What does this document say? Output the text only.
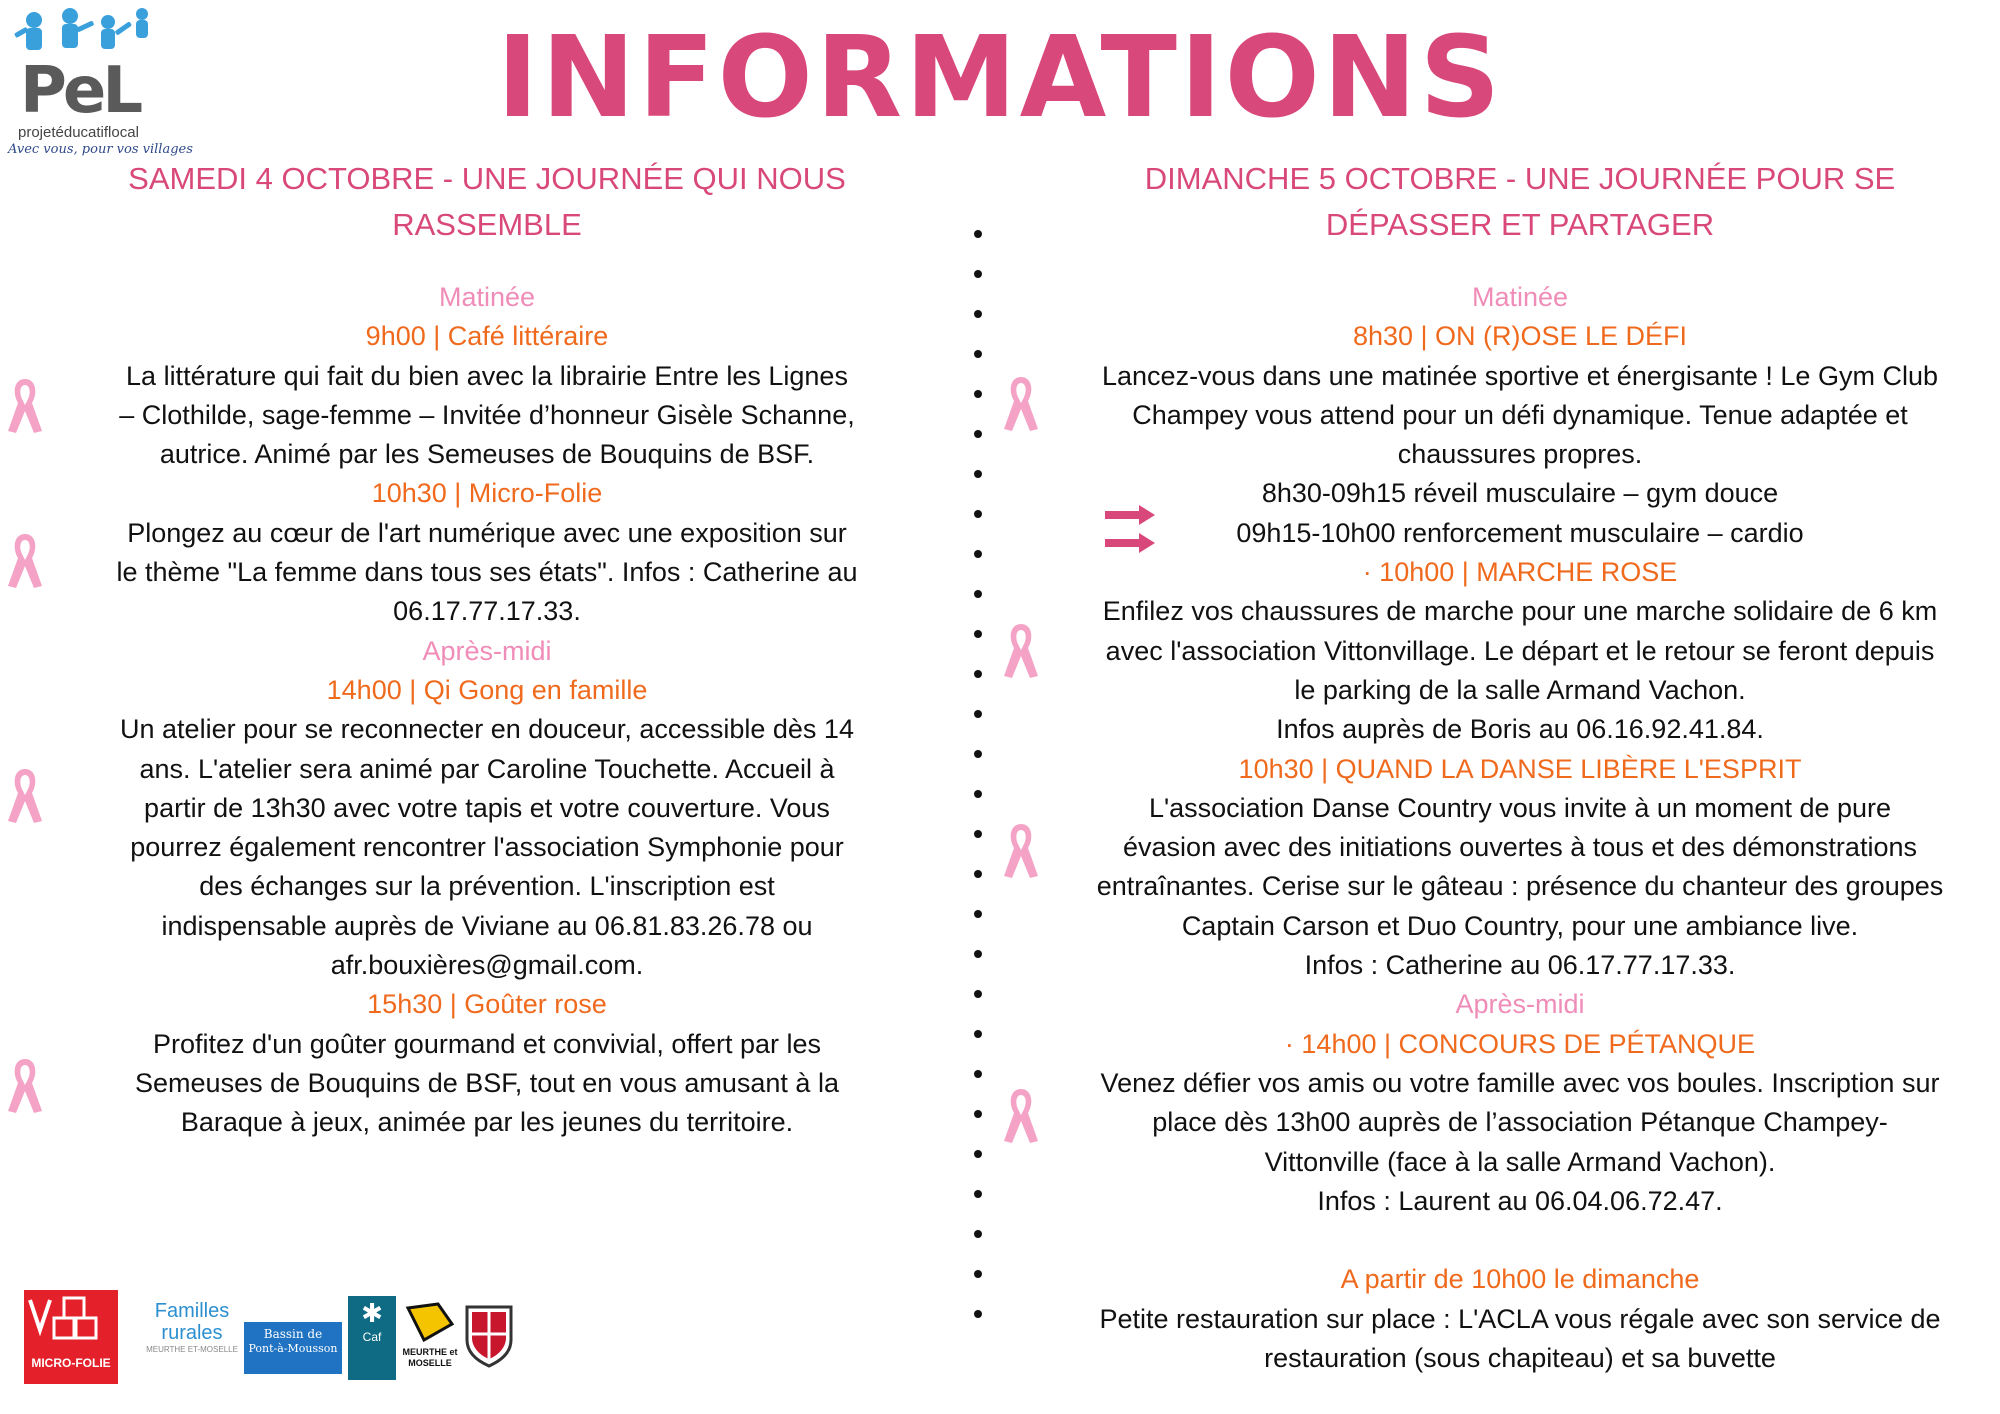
PeL
projetéducatiflocal
Avec vous, pour vos villages
INFORMATIONS
SAMEDI 4 OCTOBRE - UNE JOURNÉE QUI NOUS
RASSEMBLE

Matinée

9h00 | Café littéraire

La littérature qui fait du bien avec la librairie Entre les Lignes

– Clothilde, sage-femme – Invitée d’honneur Gisèle Schanne,

autrice. Animé par les Semeuses de Bouquins de BSF.

10h30 | Micro-Folie

Plongez au cœur de l'art numérique avec une exposition sur

le thème "La femme dans tous ses états". Infos : Catherine au

06.17.77.17.33.

Après-midi

14h00 | Qi Gong en famille

Un atelier pour se reconnecter en douceur, accessible dès 14

ans. L'atelier sera animé par Caroline Touchette. Accueil à

partir de 13h30 avec votre tapis et votre couverture. Vous

pourrez également rencontrer l'association Symphonie pour

des échanges sur la prévention. L'inscription est

indispensable auprès de Viviane au 06.81.83.26.78 ou

afr.bouxières@gmail.com.

15h30 | Goûter rose

Profitez d'un goûter gourmand et convivial, offert par les

Semeuses de Bouquins de BSF, tout en vous amusant à la

Baraque à jeux, animée par les jeunes du territoire.

DIMANCHE 5 OCTOBRE - UNE JOURNÉE POUR SE
DÉPASSER ET PARTAGER

Matinée

8h30 | ON (R)OSE LE DÉFI

Lancez-vous dans une matinée sportive et énergisante ! Le Gym Club

Champey vous attend pour un défi dynamique. Tenue adaptée et

chaussures propres.

8h30-09h15 réveil musculaire – gym douce

09h15-10h00 renforcement musculaire – cardio

· 10h00 | MARCHE ROSE

Enfilez vos chaussures de marche pour une marche solidaire de 6 km

avec l'association Vittonvillage. Le départ et le retour se feront depuis

le parking de la salle Armand Vachon.

Infos auprès de Boris au 06.16.92.41.84.

10h30 | QUAND LA DANSE LIBÈRE L'ESPRIT

L'association Danse Country vous invite à un moment de pure

évasion avec des initiations ouvertes à tous et des démonstrations

entraînantes. Cerise sur le gâteau : présence du chanteur des groupes

Captain Carson et Duo Country, pour une ambiance live.

Infos : Catherine au 06.17.77.17.33.

Après-midi

· 14h00 | CONCOURS DE PÉTANQUE

Venez défier vos amis ou votre famille avec vos boules. Inscription sur

place dès 13h00 auprès de l’association Pétanque Champey-

Vittonville (face à la salle Armand Vachon).

Infos : Laurent au 06.04.06.72.47.

A partir de 10h00 le dimanche

Petite restauration sur place : L'ACLA vous régale avec son service de

restauration (sous chapiteau) et sa buvette

MICRO-FOLIE
Familles
rurales
MEURTHE ET-MOSELLE
Bassin de
Pont-à-Mousson
✱
Caf
MEURTHE et MOSELLE
